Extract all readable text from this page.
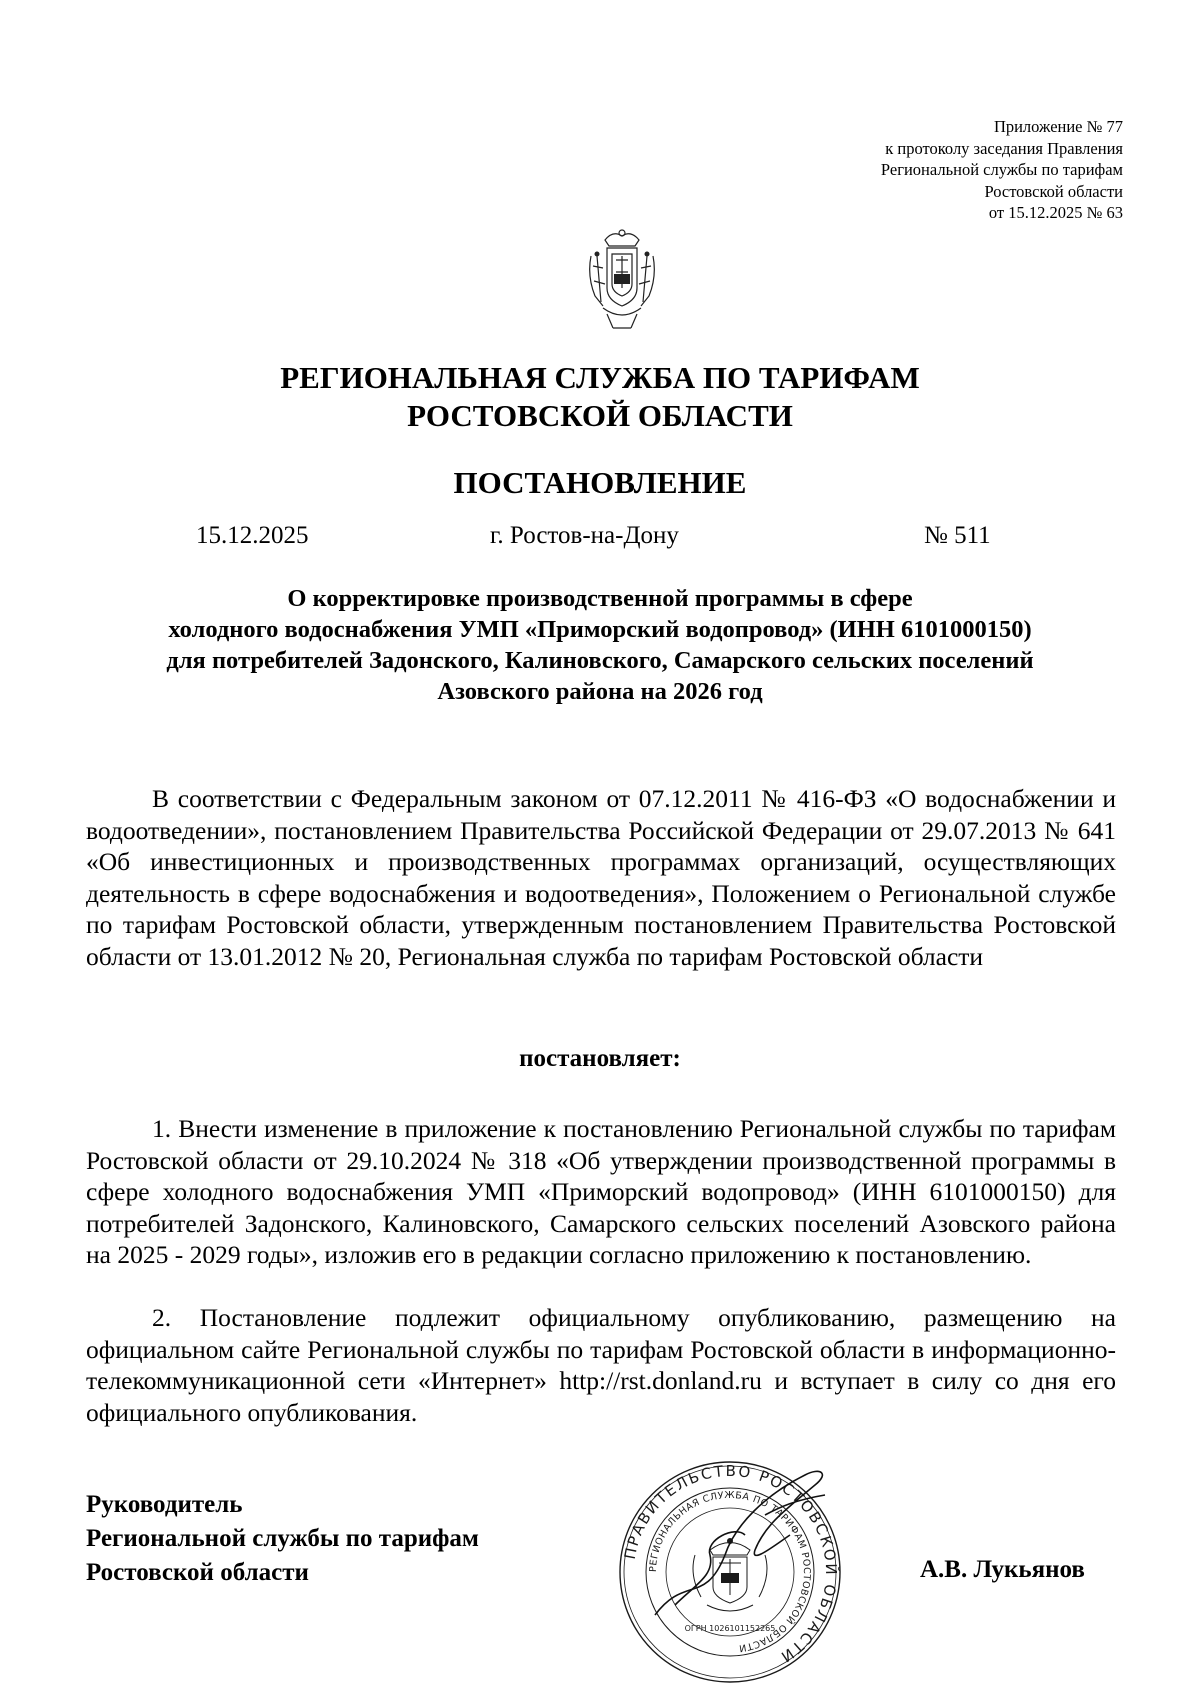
Приложение № 77
к протоколу заседания Правления
Региональной службы по тарифам
Ростовской области
от 15.12.2025 № 63
РЕГИОНАЛЬНАЯ СЛУЖБА ПО ТАРИФАМ
РОСТОВСКОЙ ОБЛАСТИ
ПОСТАНОВЛЕНИЕ
15.12.2025	г. Ростов-на-Дону	№ 511
О корректировке производственной программы в сфере
холодного водоснабжения УМП «Приморский водопровод» (ИНН 6101000150)
для потребителей Задонского, Калиновского, Самарского сельских поселений
Азовского района на 2026 год
В соответствии с Федеральным законом от 07.12.2011 № 416-ФЗ «О водоснабжении и водоотведении», постановлением Правительства Российской Федерации от 29.07.2013 № 641 «Об инвестиционных и производственных программах организаций, осуществляющих деятельность в сфере водоснабжения и водоотведения», Положением о Региональной службе по тарифам Ростовской области, утвержденным постановлением Правительства Ростовской области от 13.01.2012 № 20, Региональная служба по тарифам Ростовской области
постановляет:
1. Внести изменение в приложение к постановлению Региональной службы по тарифам Ростовской области от 29.10.2024 № 318 «Об утверждении производственной программы в сфере холодного водоснабжения УМП «Приморский водопровод» (ИНН 6101000150) для потребителей Задонского, Калиновского, Самарского сельских поселений Азовского района на 2025 - 2029 годы», изложив его в редакции согласно приложению к постановлению.
2. Постановление подлежит официальному опубликованию, размещению на официальном сайте Региональной службы по тарифам Ростовской области в информационно-телекоммуникационной сети «Интернет» http://rst.donland.ru и вступает в силу со дня его официального опубликования.
Руководитель
Региональной службы по тарифам
Ростовской области
ПРАВИТЕЛЬСТВО РОСТОВСКОЙ ОБЛАСТИ
РЕГИОНАЛЬНАЯ СЛУЖБА ПО ТАРИФАМ РОСТОВСКОЙ ОБЛАСТИ
ОГРН 1026101152265
А.В. Лукьянов
